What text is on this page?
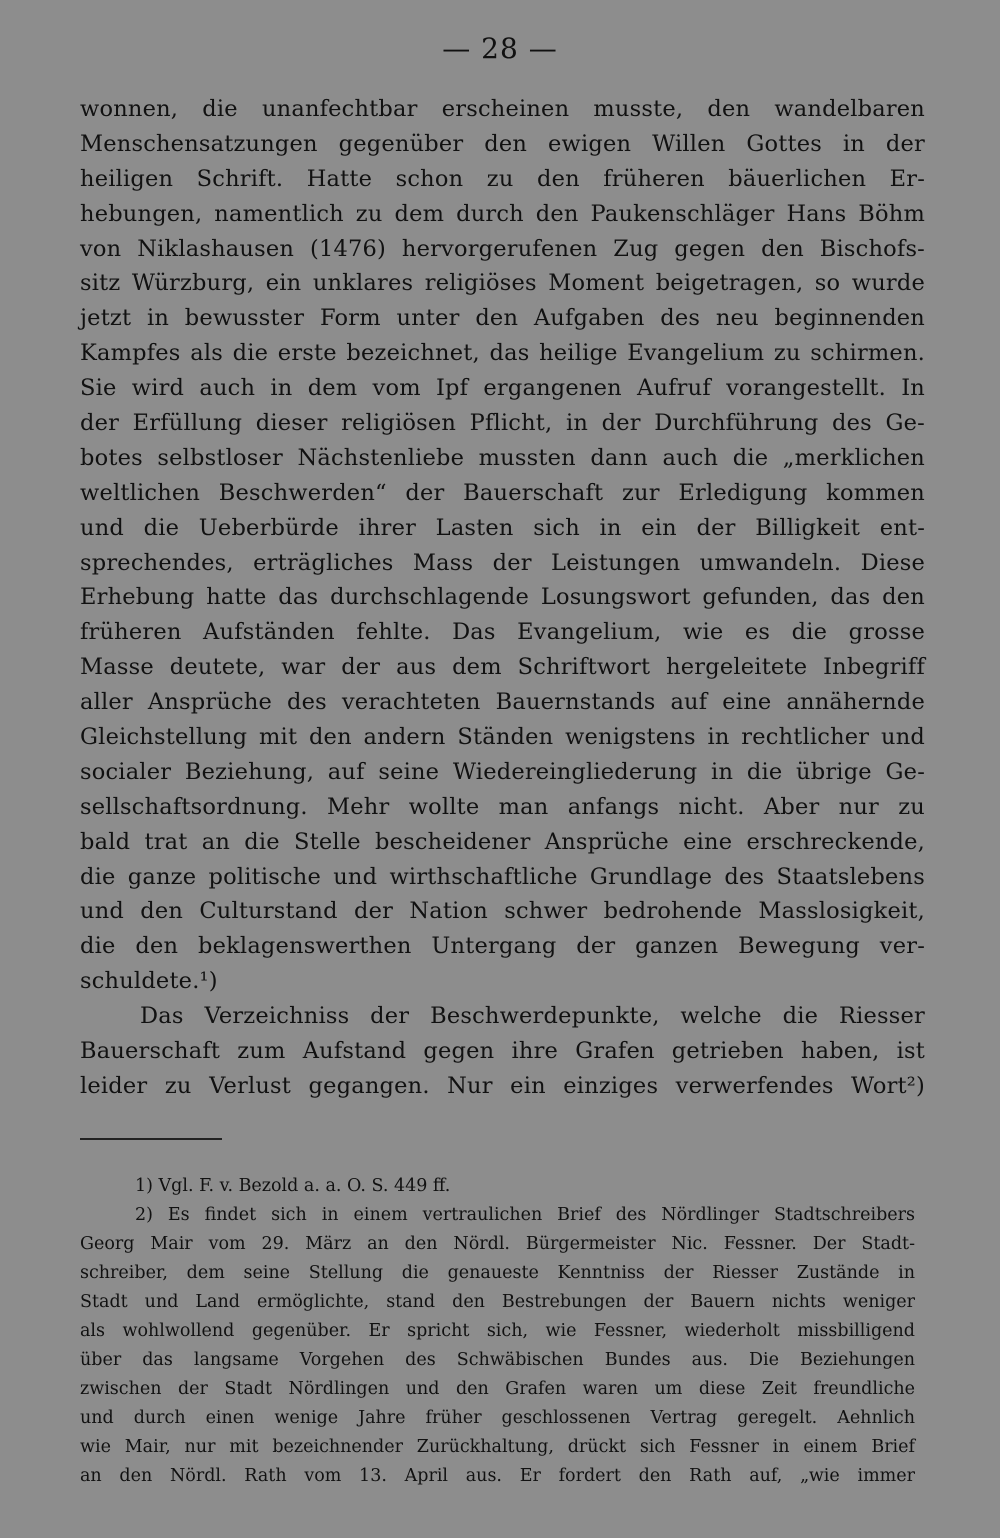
— 28 —
wonnen, die unanfechtbar erscheinen musste, den wandelbaren
Menschensatzungen gegenüber den ewigen Willen Gottes in der
heiligen Schrift. Hatte schon zu den früheren bäuerlichen Er-
hebungen, namentlich zu dem durch den Paukenschläger Hans Böhm
von Niklashausen (1476) hervorgerufenen Zug gegen den Bischofs-
sitz Würzburg, ein unklares religiöses Moment beigetragen, so wurde
jetzt in bewusster Form unter den Aufgaben des neu beginnenden
Kampfes als die erste bezeichnet, das heilige Evangelium zu schirmen.
Sie wird auch in dem vom Ipf ergangenen Aufruf vorangestellt. In
der Erfüllung dieser religiösen Pflicht, in der Durchführung des Ge-
botes selbstloser Nächstenliebe mussten dann auch die „merklichen
weltlichen Beschwerden“ der Bauerschaft zur Erledigung kommen
und die Ueberbürde ihrer Lasten sich in ein der Billigkeit ent-
sprechendes, erträgliches Mass der Leistungen umwandeln. Diese
Erhebung hatte das durchschlagende Losungswort gefunden, das den
früheren Aufständen fehlte. Das Evangelium, wie es die grosse
Masse deutete, war der aus dem Schriftwort hergeleitete Inbegriff
aller Ansprüche des verachteten Bauernstands auf eine annähernde
Gleichstellung mit den andern Ständen wenigstens in rechtlicher und
socialer Beziehung, auf seine Wiedereingliederung in die übrige Ge-
sellschaftsordnung. Mehr wollte man anfangs nicht. Aber nur zu
bald trat an die Stelle bescheidener Ansprüche eine erschreckende,
die ganze politische und wirthschaftliche Grundlage des Staatslebens
und den Culturstand der Nation schwer bedrohende Masslosigkeit,
die den beklagenswerthen Untergang der ganzen Bewegung ver-
schuldete.¹)
Das Verzeichniss der Beschwerdepunkte, welche die Riesser
Bauerschaft zum Aufstand gegen ihre Grafen getrieben haben, ist
leider zu Verlust gegangen. Nur ein einziges verwerfendes Wort²)
1) Vgl. F. v. Bezold a. a. O. S. 449 ff.
2) Es findet sich in einem vertraulichen Brief des Nördlinger Stadtschreibers
Georg Mair vom 29. März an den Nördl. Bürgermeister Nic. Fessner. Der Stadt-
schreiber, dem seine Stellung die genaueste Kenntniss der Riesser Zustände in
Stadt und Land ermöglichte, stand den Bestrebungen der Bauern nichts weniger
als wohlwollend gegenüber. Er spricht sich, wie Fessner, wiederholt missbilligend
über das langsame Vorgehen des Schwäbischen Bundes aus. Die Beziehungen
zwischen der Stadt Nördlingen und den Grafen waren um diese Zeit freundliche
und durch einen wenige Jahre früher geschlossenen Vertrag geregelt. Aehnlich
wie Mair, nur mit bezeichnender Zurückhaltung, drückt sich Fessner in einem Brief
an den Nördl. Rath vom 13. April aus. Er fordert den Rath auf, „wie immer
